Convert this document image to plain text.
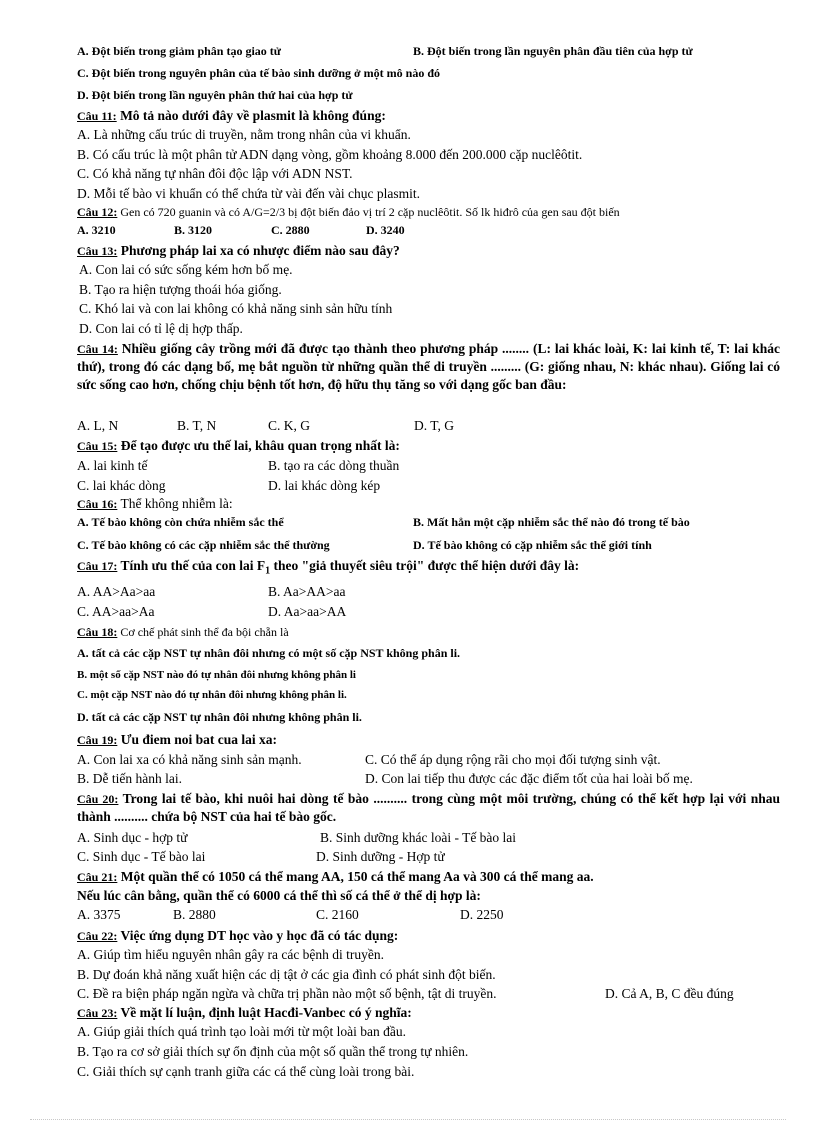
A. Đột biến trong giảm phân tạo giao tử	B. Đột biến trong lần nguyên phân đầu tiên của hợp tử
C. Đột biến trong nguyên phân của tế bào sinh dưỡng ở một mô nào đó
D. Đột biến trong lần nguyên phân thứ hai của hợp tử
Câu 11: Mô tả nào dưới đây về plasmit là không đúng:
A. Là những cấu trúc di truyền, nằm trong nhân của vi khuẩn.
B. Có cấu trúc là một phân tử ADN dạng vòng, gồm khoảng 8.000 đến 200.000 cặp nuclêôtit.
C. Có khả năng tự nhân đôi độc lập với ADN NST.
D. Mỗi tế bào vi khuẩn có thể chứa từ vài đến vài chục plasmit.
Câu 12: Gen có 720 guanin và có A/G=2/3 bị đột biến đảo vị trí 2 cặp nuclêôtit. Số lk hiđrô của gen sau đột biến
A. 3210	B. 3120	C. 2880	D. 3240
Câu 13: Phương pháp lai xa có nhược điểm nào sau đây?
A. Con lai có sức sống kém hơn bố mẹ.
B. Tạo ra hiện tượng thoái hóa giống.
C. Khó lai và con lai không có khả năng sinh sản hữu tính
D. Con lai có tỉ lệ dị hợp thấp.
Câu 14: Nhiều giống cây trồng mới đã được tạo thành theo phương pháp ........ (L: lai khác loài, K: lai kinh tế, T: lai khác thứ), trong đó các dạng bố, mẹ bắt nguồn từ những quần thể di truyền ......... (G: giống nhau, N: khác nhau). Giống lai có sức sống cao hơn, chống chịu bệnh tốt hơn, độ hữu thụ tăng so với dạng gốc ban đầu:
A. L, N	B. T, N	C. K, G	D. T, G
Câu 15: Để tạo được ưu thế lai, khâu quan trọng nhất là:
A. lai kinh tế	B. tạo ra các dòng thuần
C. lai khác dòng	D. lai khác dòng kép
Câu 16: Thể không nhiễm là:
A. Tế bào không còn chứa nhiễm sắc thể	B. Mất hẳn một cặp nhiễm sắc thể nào đó trong tế bào
C. Tế bào không có các cặp nhiễm sắc thể thường	D. Tế bào không có cặp nhiễm sắc thể giới tính
Câu 17: Tính ưu thế của con lai $F_1$ theo "giả thuyết siêu trội" được thể hiện dưới đây là:
A. AA>Aa>aa	B. Aa>AA>aa
C. AA>aa>Aa	D. Aa>aa>AA
Câu 18: Cơ chế phát sinh thể đa bội chẵn là
A. tất cả các cặp NST tự nhân đôi nhưng có một số cặp NST không phân li.
B. một số cặp NST nào đó tự nhân đôi nhưng không phân li
C. một cặp NST nào đó tự nhân đôi nhưng không phân li.
D. tất cả các cặp NST tự nhân đôi nhưng không phân li.
Câu 19: Ưu điem noi bat cua lai xa:
A. Con lai xa có khả năng sinh sản mạnh.	C. Có thể áp dụng rộng rãi cho mọi đối tượng sinh vật.
B. Dễ tiến hành lai.	D. Con lai tiếp thu được các đặc điểm tốt của hai loài bố mẹ.
Câu 20: Trong lai tế bào, khi nuôi hai dòng tế bào .......... trong cùng một môi trường, chúng có thể kết hợp lại với nhau thành .......... chứa bộ NST của hai tế bào gốc.
A. Sinh dục - hợp tử	B. Sinh dưỡng khác loài - Tế bào lai
C. Sinh dục - Tế bào lai	D. Sinh dưỡng - Hợp tử
Câu 21: Một quần thể có 1050 cá thể mang AA, 150 cá thể mang Aa và 300 cá thể mang aa.
Nếu lúc cân bằng, quần thể có 6000 cá thể thì số cá thể ở thể dị hợp là:
A. 3375	B. 2880	C. 2160	D. 2250
Câu 22: Việc ứng dụng DT học vào y học đã có tác dụng:
A. Giúp tìm hiểu nguyên nhân gây ra các bệnh di truyền.
B. Dự đoán khả năng xuất hiện các dị tật ở các gia đình có phát sinh đột biến.
C. Đề ra biện pháp ngăn ngừa và chữa trị phần nào một số bệnh, tật di truyền.	D. Cả A, B, C đều đúng
Câu 23: Về mặt lí luận, định luật Hacđi-Vanbec có ý nghĩa:
A. Giúp giải thích quá trình tạo loài mới từ một loài ban đầu.
B. Tạo ra cơ sở giải thích sự ổn định của một số quần thể trong tự nhiên.
C. Giải thích sự cạnh tranh giữa các cá thể cùng loài trong bài.
